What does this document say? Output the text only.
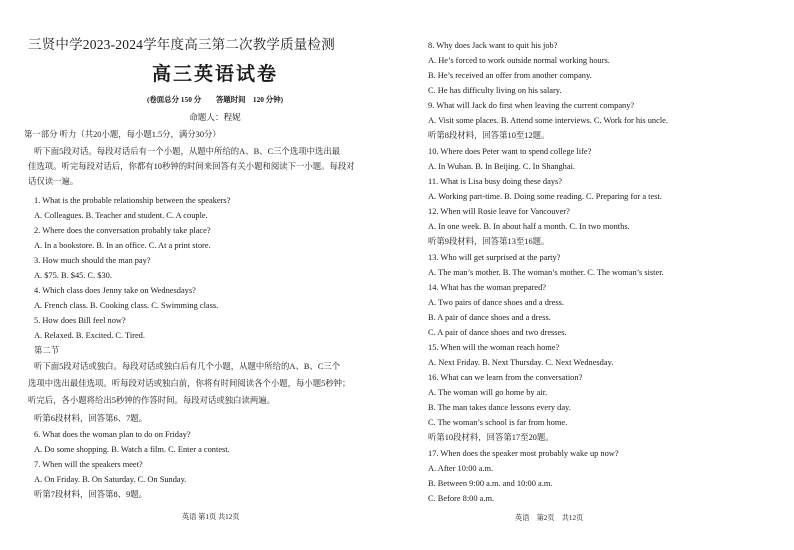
三贤中学2023-2024学年度高三第二次教学质量检测
高三英语试卷
(卷面总分 150 分　　答题时间　120 分钟)
命题人：程妮
第一部分 听力（共20小题，每小题1.5分，满分30分）
听下面5段对话。每段对话后有一个小题，从题中所给的A、B、C三个选项中选出最
佳选项。听完每段对话后，你都有10秒钟的时间来回答有关小题和阅读下一小题。每段对
话仅读一遍。
1. What is the probable relationship between the speakers?
A. Colleagues. B. Teacher and student. C. A couple.
2. Where does the conversation probably take place?
A. In a bookstore. B. In an office. C. At a print store.
3. How much should the man pay?
A. $75. B. $45. C. $30.
4. Which class does Jenny take on Wednesdays?
A. French class. B. Cooking class. C. Swimming class.
5. How does Bill feel now?
A. Relaxed. B. Excited. C. Tired.
第二节
听下面5段对话或独白。每段对话或独白后有几个小题，从题中所给的A、B、C三个
选项中选出最佳选项。听每段对话或独白前，你将有时间阅读各个小题，每小题5秒钟；
听完后，各小题将给出5秒钟的作答时间。每段对话或独白读两遍。
听第6段材料，回答第6、7题。
6. What does the woman plan to do on Friday?
A. Do some shopping. B. Watch a film. C. Enter a contest.
7. When will the speakers meet?
A. On Friday. B. On Saturday. C. On Sunday.
听第7段材料，回答第8、9题。
英语 第1页 共12页
8. Why does Jack want to quit his job?
A. He’s forced to work outside normal working hours.
B. He’s received an offer from another company.
C. He has difficulty living on his salary.
9. What will Jack do first when leaving the current company?
A. Visit some places. B. Attend some interviews. C. Work for his uncle.
听第8段材料，回答第10至12题。
10. Where does Peter want to spend college life?
A. In Wuhan. B. In Beijing. C. In Shanghai.
11. What is Lisa busy doing these days?
A. Working part-time. B. Doing some reading. C. Preparing for a test.
12. When will Rosie leave for Vancouver?
A. In one week. B. In about half a month. C. In two months.
听第9段材料，回答第13至16题。
13. Who will get surprised at the party?
A. The man’s mother. B. The woman’s mother. C. The woman’s sister.
14. What has the woman prepared?
A. Two pairs of dance shoes and a dress.
B. A pair of dance shoes and a dress.
C. A pair of dance shoes and two dresses.
15. When will the woman reach home?
A. Next Friday. B. Next Thursday. C. Next Wednesday.
16. What can we learn from the conversation?
A. The woman will go home by air.
B. The man takes dance lessons every day.
C. The woman’s school is far from home.
听第10段材料，回答第17至20题。
17. When does the speaker most probably wake up now?
A. After 10:00 a.m.
B. Between 9:00 a.m. and 10:00 a.m.
C. Before 8:00 a.m.
英语　第2页　共12页
